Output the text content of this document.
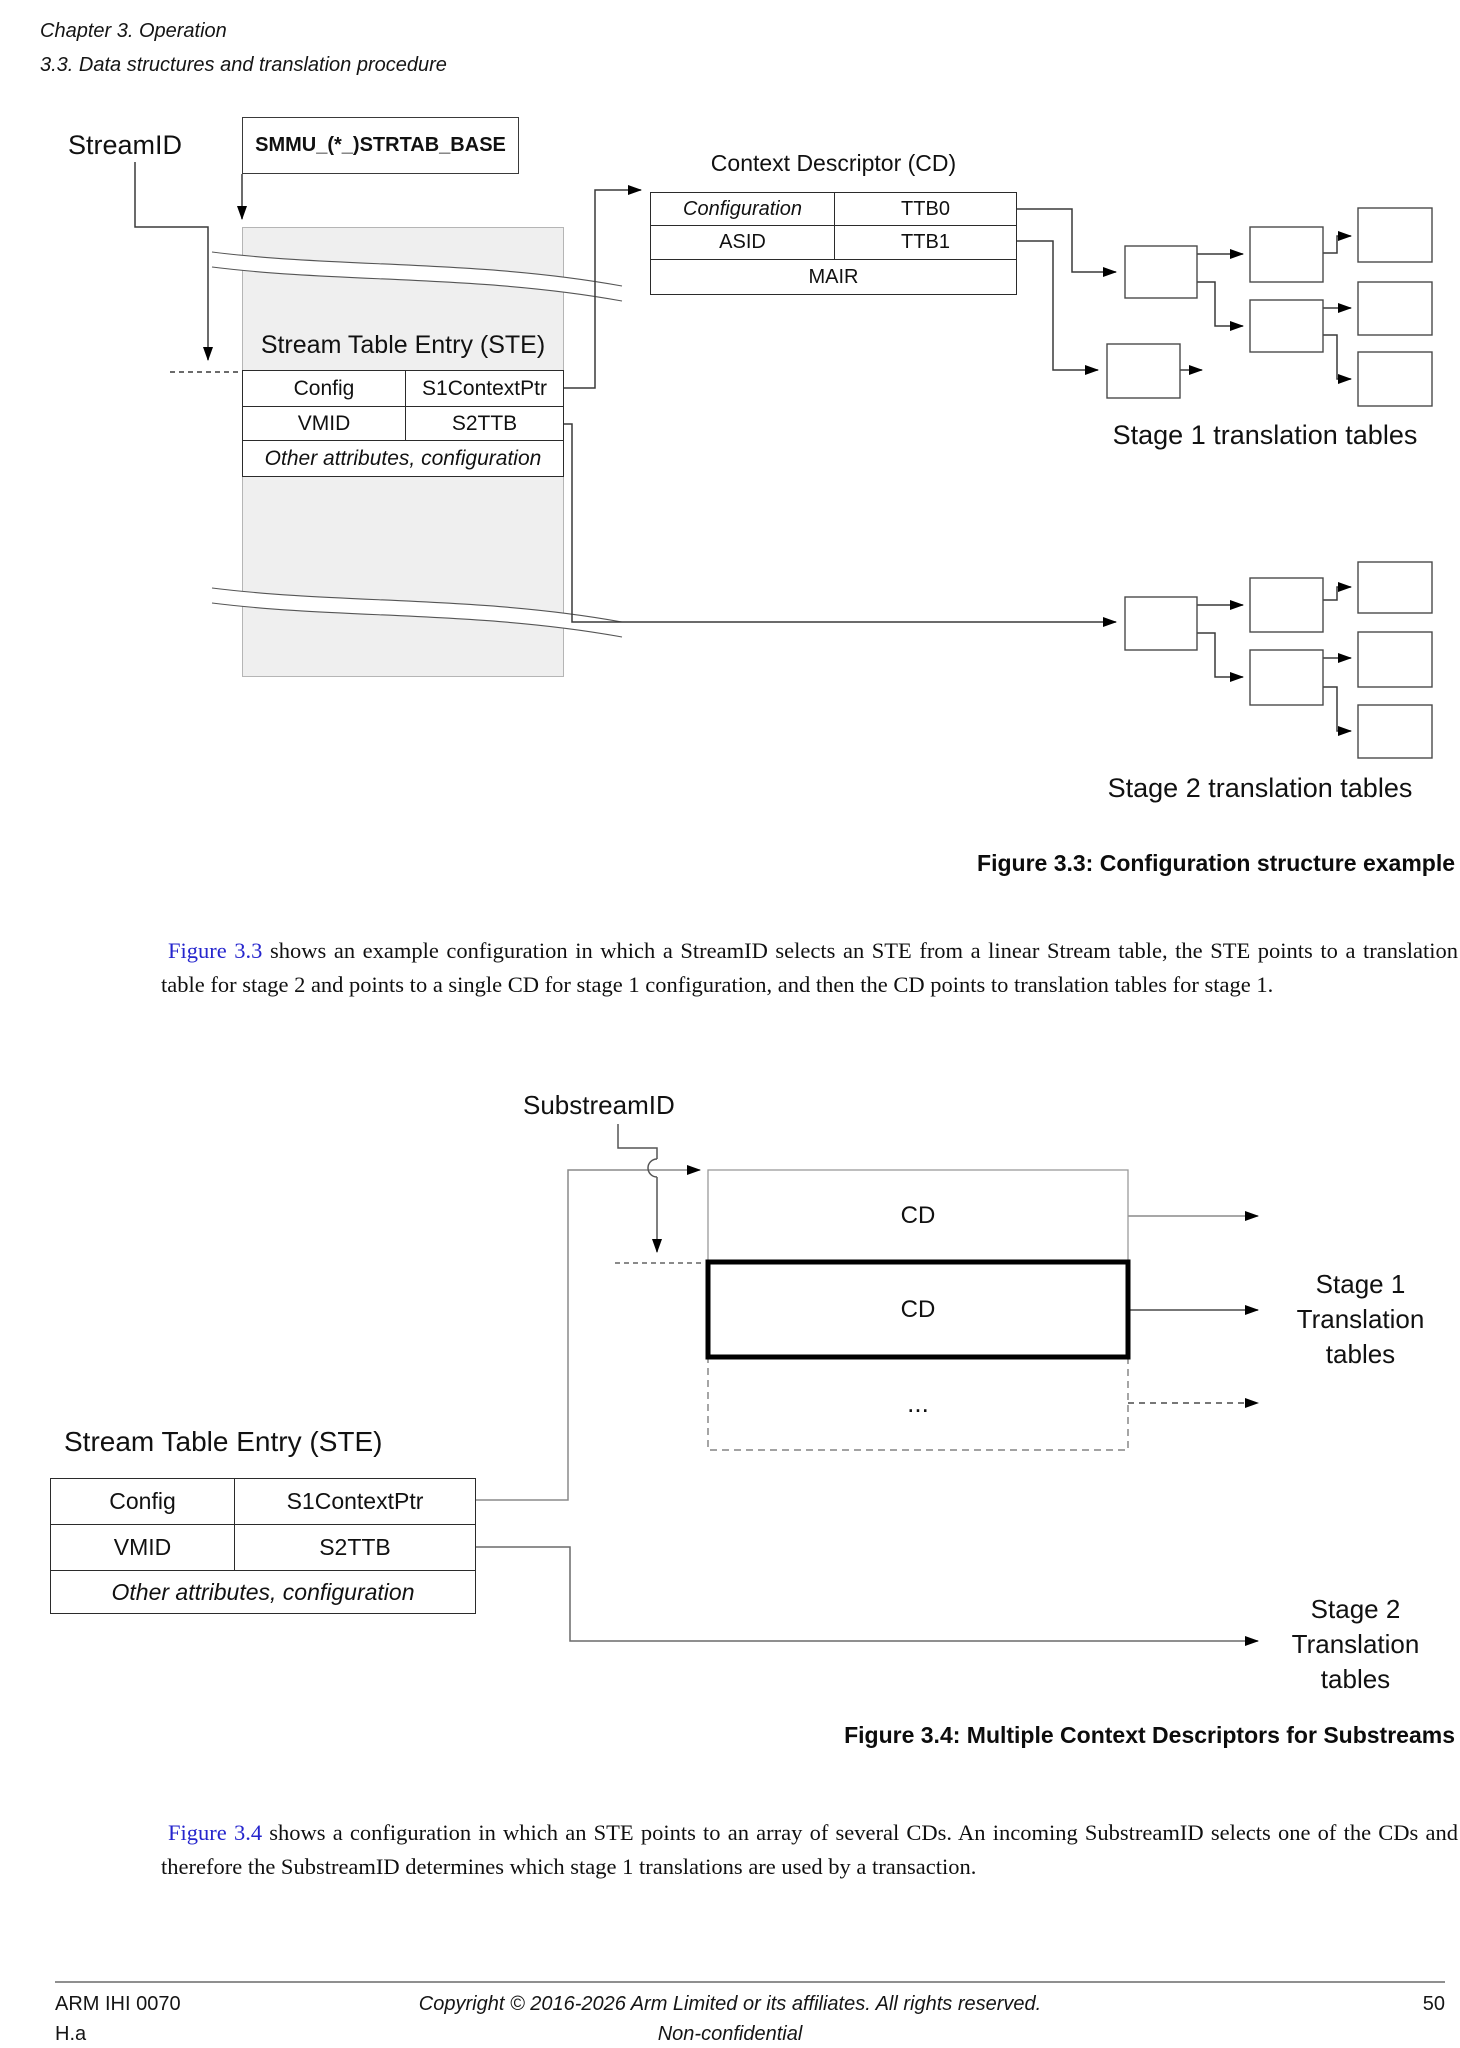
Chapter 3. Operation
3.3. Data structures and translation procedure
StreamID	SMMU_(*_)STRTAB_BASE
Stream Table Entry (STE)
Config	S1ContextPtr
VMID	S2TTB
Other attributes, configuration
Context Descriptor (CD)
Configuration	TTB0
ASID	TTB1
MAIR
Stage 1 translation tables
Stage 2 translation tables
Figure 3.3: Configuration structure example
Figure 3.3 shows an example configuration in which a StreamID selects an STE from a linear Stream table, the STE points to a translation table for stage 2 and points to a single CD for stage 1 configuration, and then the CD points to translation tables for stage 1.
SubstreamID
CD
CD
...
Stage 1
Translation
tables
Stage 2
Translation
tables
Stream Table Entry (STE)
Config	S1ContextPtr
VMID	S2TTB
Other attributes, configuration
Figure 3.4: Multiple Context Descriptors for Substreams
Figure 3.4 shows a configuration in which an STE points to an array of several CDs. An incoming SubstreamID selects one of the CDs and therefore the SubstreamID determines which stage 1 translations are used by a transaction.
ARM IHI 0070
H.a
Copyright © 2016-2026 Arm Limited or its affiliates. All rights reserved.
Non-confidential
50
